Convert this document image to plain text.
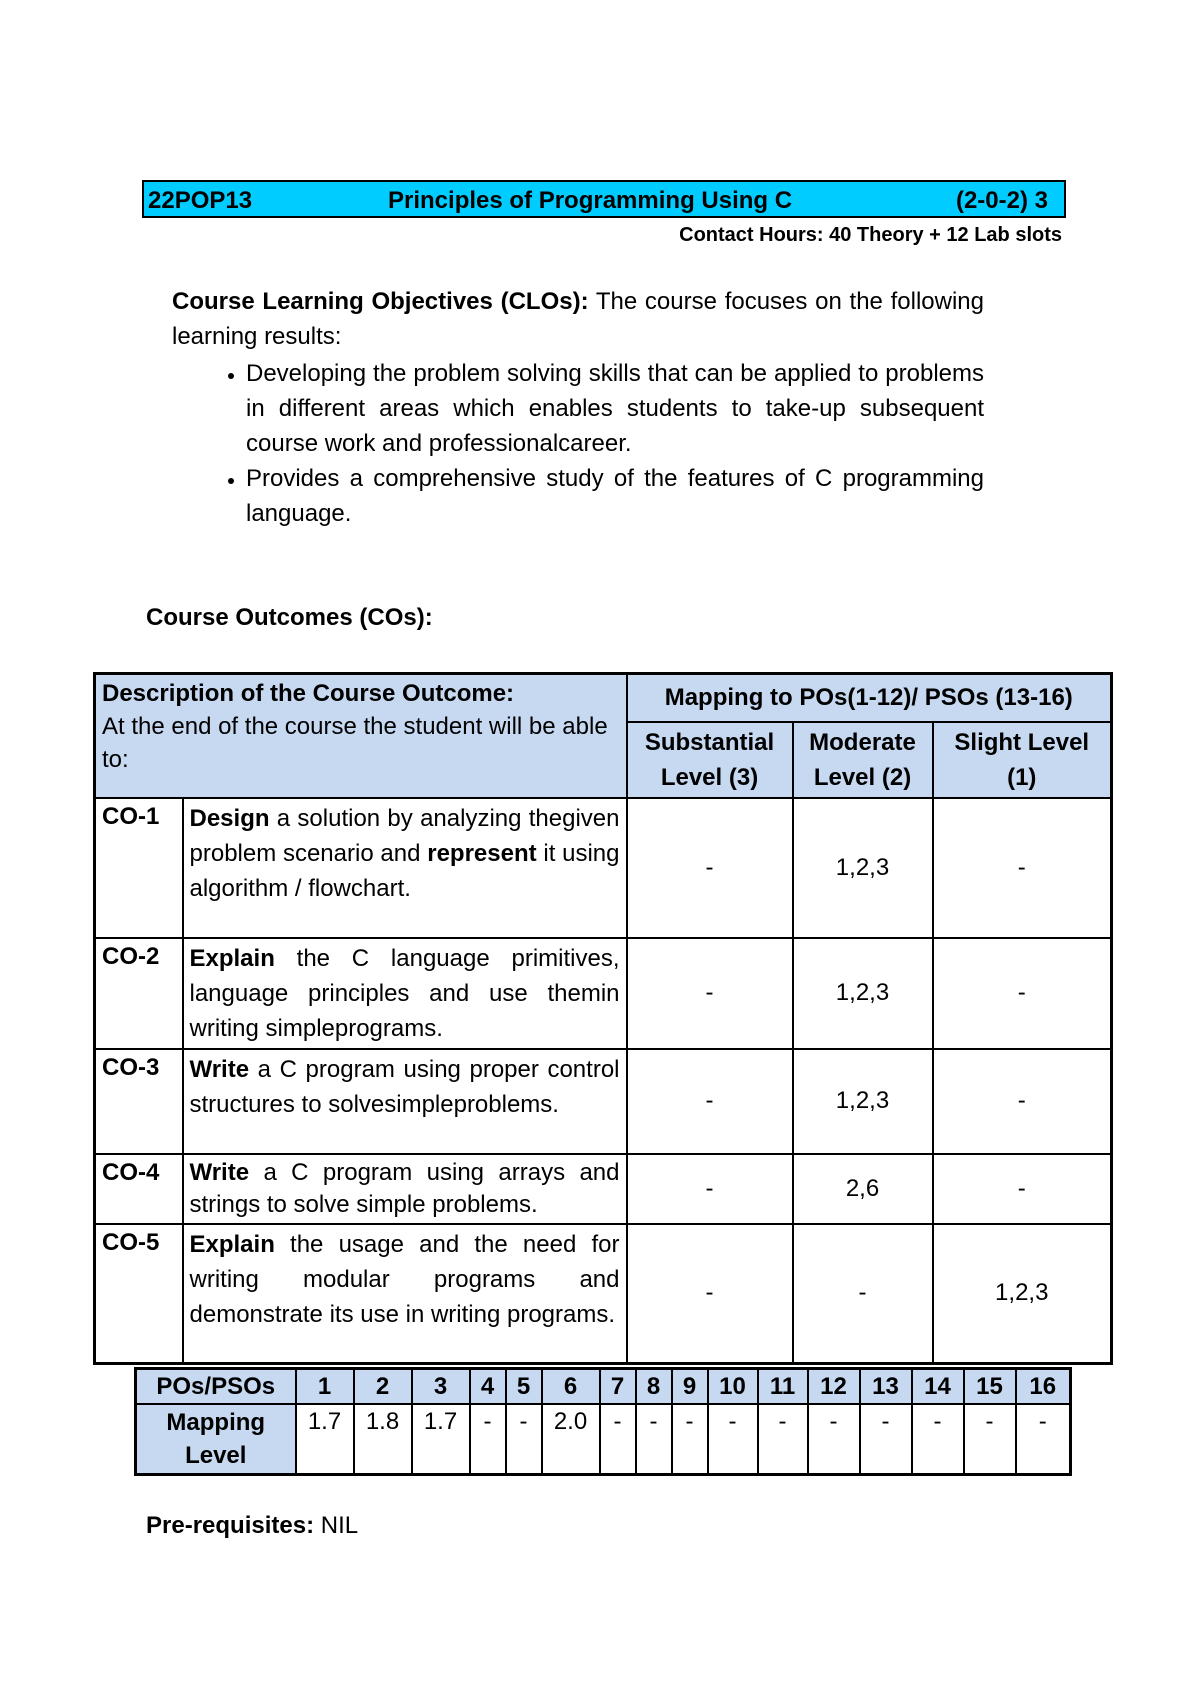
22POP13	Principles of Programming Using C	(2-0-2) 3
Contact Hours: 40 Theory + 12 Lab slots
Course Learning Objectives (CLOs): The course focuses on the following learning results:
• Developing the problem solving skills that can be applied to problems in different areas which enables students to take-up subsequent course work and professionalcareer.
• Provides a comprehensive study of the features of C programming language.
Course Outcomes (COs):
Description of the Course Outcome:
At the end of the course the student will be able to:		Mapping to POs(1-12)/ PSOs (13-16)		
		Substantial Level (3)	Moderate Level (2)	Slight Level (1)
CO-1	Design a solution by analyzing thegiven problem scenario and represent it using algorithm / flowchart.	-	1,2,3	-
CO-2	Explain the C language primitives, language principles and use themin writing simpleprograms.	-	1,2,3	-
CO-3	Write a C program using proper control structures to solvesimpleproblems.	-	1,2,3	-
CO-4	Write a C program using arrays and strings to solve simple problems.	-	2,6	-
CO-5	Explain the usage and the need for writing modular programs and demonstrate its use in writing programs.	-	-	1,2,3
POs/PSOs	1	2	3	4	5	6	7	8	9	10	11	12	13	14	15	16
Mapping Level	1.7	1.8	1.7	-	-	2.0	-	-	-	-	-	-	-	-	-	-
Pre-requisites: NIL
